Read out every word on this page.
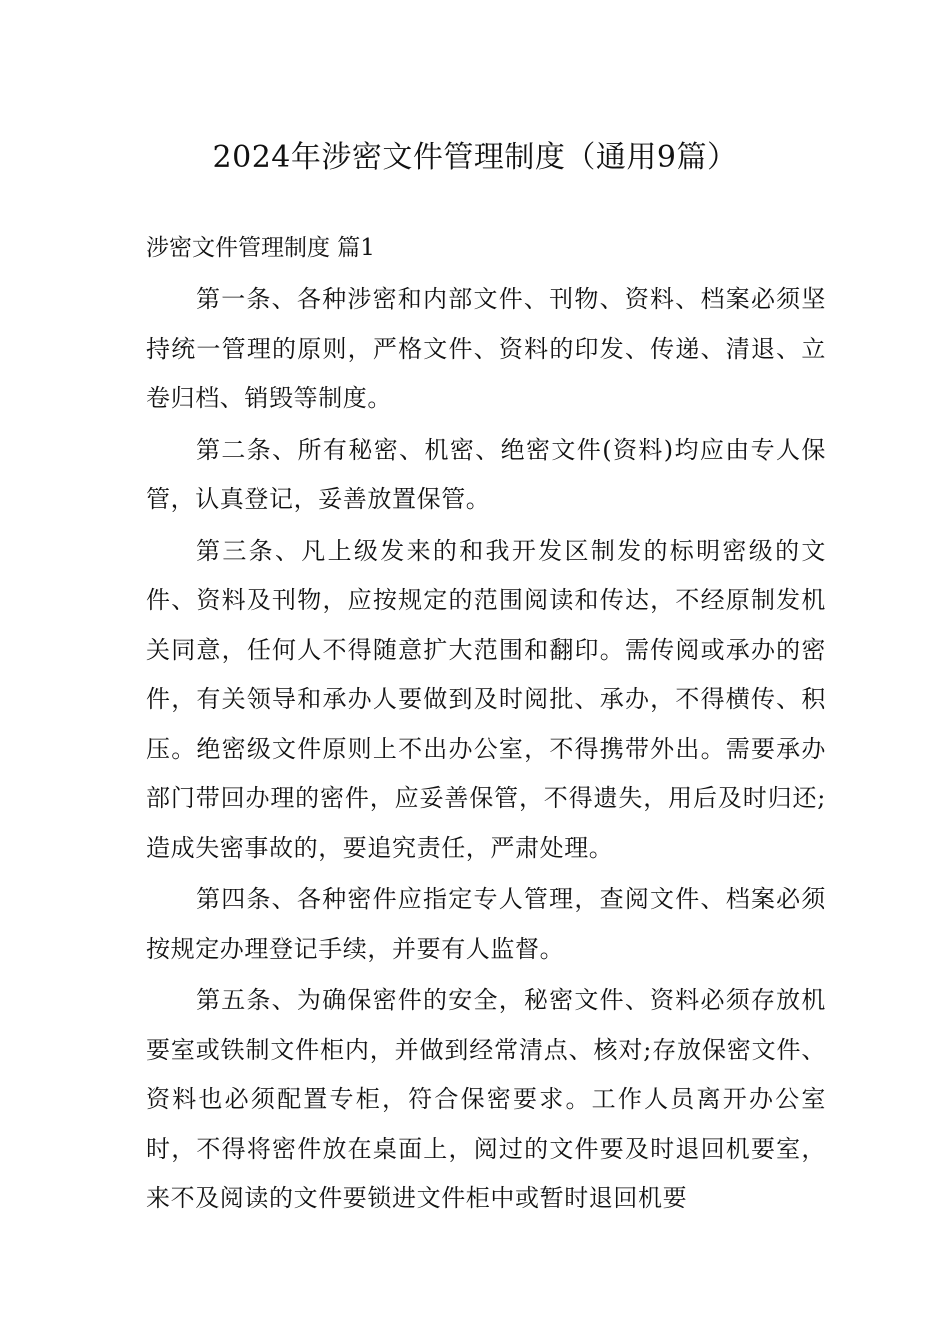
2024年涉密文件管理制度（通用9篇）
涉密文件管理制度 篇1

第一条、各种涉密和内部文件、刊物、资料、档案必须坚持统一管理的原则，严格文件、资料的印发、传递、清退、立卷归档、销毁等制度。

第二条、所有秘密、机密、绝密文件(资料)均应由专人保管，认真登记，妥善放置保管。

第三条、凡上级发来的和我开发区制发的标明密级的文件、资料及刊物，应按规定的范围阅读和传达，不经原制发机关同意，任何人不得随意扩大范围和翻印。需传阅或承办的密件，有关领导和承办人要做到及时阅批、承办，不得横传、积压。绝密级文件原则上不出办公室，不得携带外出。需要承办部门带回办理的密件，应妥善保管，不得遗失，用后及时归还;造成失密事故的，要追究责任，严肃处理。

第四条、各种密件应指定专人管理，查阅文件、档案必须按规定办理登记手续，并要有人监督。

第五条、为确保密件的安全，秘密文件、资料必须存放机要室或铁制文件柜内，并做到经常清点、核对;存放保密文件、资料也必须配置专柜，符合保密要求。工作人员离开办公室时，不得将密件放在桌面上，阅过的文件要及时退回机要室，来不及阅读的文件要锁进文件柜中或暂时退回机要
